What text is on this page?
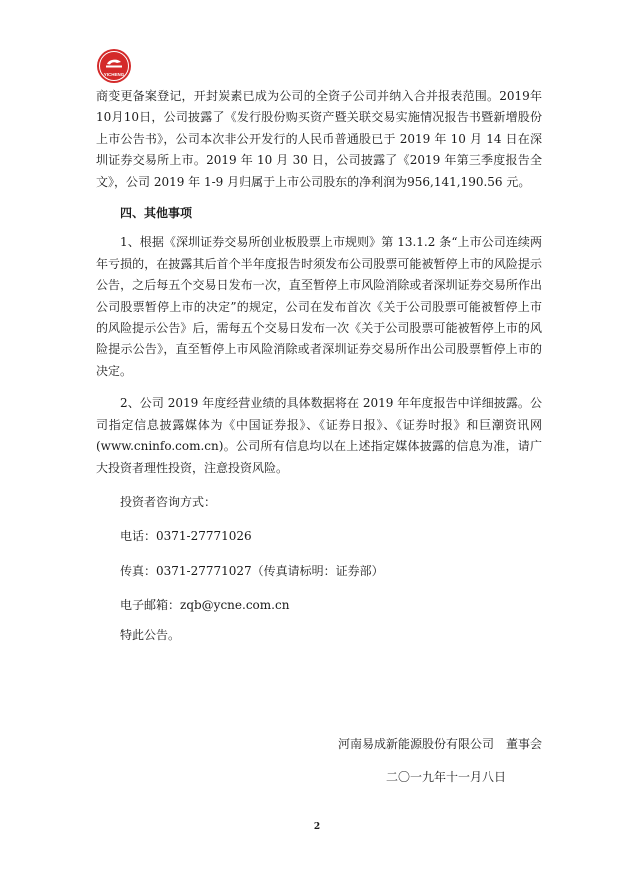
YICHENG

商变更备案登记，开封炭素已成为公司的全资子公司并纳入合并报表范围。2019年10月10日，公司披露了《发行股份购买资产暨关联交易实施情况报告书暨新增股份上市公告书》，公司本次非公开发行的人民币普通股已于 2019 年 10 月 14 日在深圳证券交易所上市。2019 年 10 月 30 日，公司披露了《2019 年第三季度报告全文》，公司 2019 年 1-9 月归属于上市公司股东的净利润为956,141,190.56 元。

四、其他事项

1、根据《深圳证券交易所创业板股票上市规则》第 13.1.2 条“上市公司连续两年亏损的，在披露其后首个半年度报告时须发布公司股票可能被暂停上市的风险提示公告，之后每五个交易日发布一次，直至暂停上市风险消除或者深圳证券交易所作出公司股票暂停上市的决定”的规定，公司在发布首次《关于公司股票可能被暂停上市的风险提示公告》后，需每五个交易日发布一次《关于公司股票可能被暂停上市的风险提示公告》，直至暂停上市风险消除或者深圳证券交易所作出公司股票暂停上市的决定。

2、公司 2019 年度经营业绩的具体数据将在 2019 年年度报告中详细披露。公司指定信息披露媒体为《中国证券报》、《证券日报》、《证券时报》和巨潮资讯网(www.cninfo.com.cn)。公司所有信息均以在上述指定媒体披露的信息为准，请广大投资者理性投资，注意投资风险。

投资者咨询方式：

电话：0371-27771026

传真：0371-27771027（传真请标明：证券部）

电子邮箱：zqb@ycne.com.cn

特此公告。

河南易成新能源股份有限公司　董事会
二〇一九年十一月八日
2
